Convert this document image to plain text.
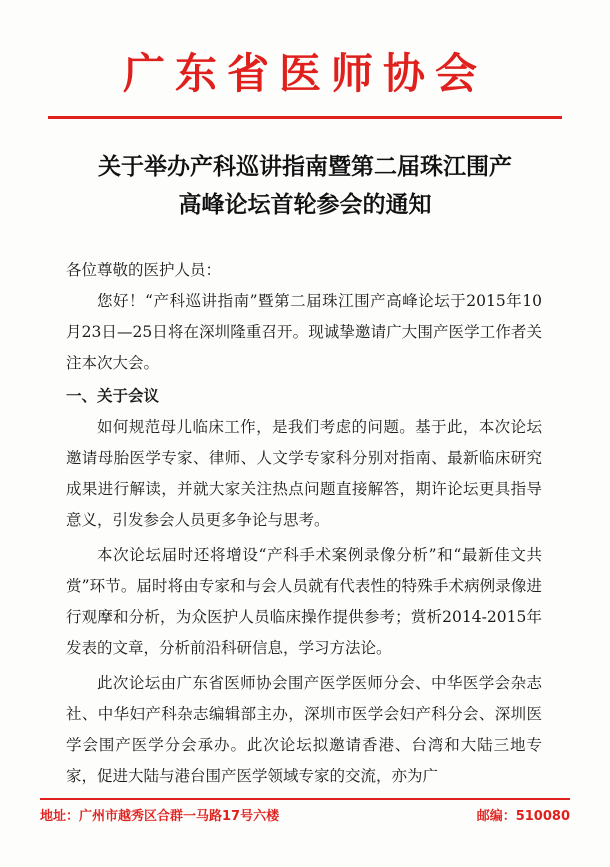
广东省医师协会
关于举办产科巡讲指南暨第二届珠江围产
高峰论坛首轮参会的通知

各位尊敬的医护人员：

您好！“产科巡讲指南”暨第二届珠江围产高峰论坛于2015年10月23日—25日将在深圳隆重召开。现诚挚邀请广大围产医学工作者关注本次大会。

一、关于会议

如何规范母儿临床工作，是我们考虑的问题。基于此，本次论坛邀请母胎医学专家、律师、人文学专家科分别对指南、最新临床研究成果进行解读，并就大家关注热点问题直接解答，期许论坛更具指导意义，引发参会人员更多争论与思考。

本次论坛届时还将增设“产科手术案例录像分析”和“最新佳文共赏”环节。届时将由专家和与会人员就有代表性的特殊手术病例录像进行观摩和分析，为众医护人员临床操作提供参考；赏析2014-2015年发表的文章，分析前沿科研信息，学习方法论。

此次论坛由广东省医师协会围产医学医师分会、中华医学会杂志社、中华妇产科杂志编辑部主办，深圳市医学会妇产科分会、深圳医学会围产医学分会承办。此次论坛拟邀请香港、台湾和大陆三地专家，促进大陆与港台围产医学领域专家的交流，亦为广

地址：广州市越秀区合群一马路17号六楼	邮编：510080
